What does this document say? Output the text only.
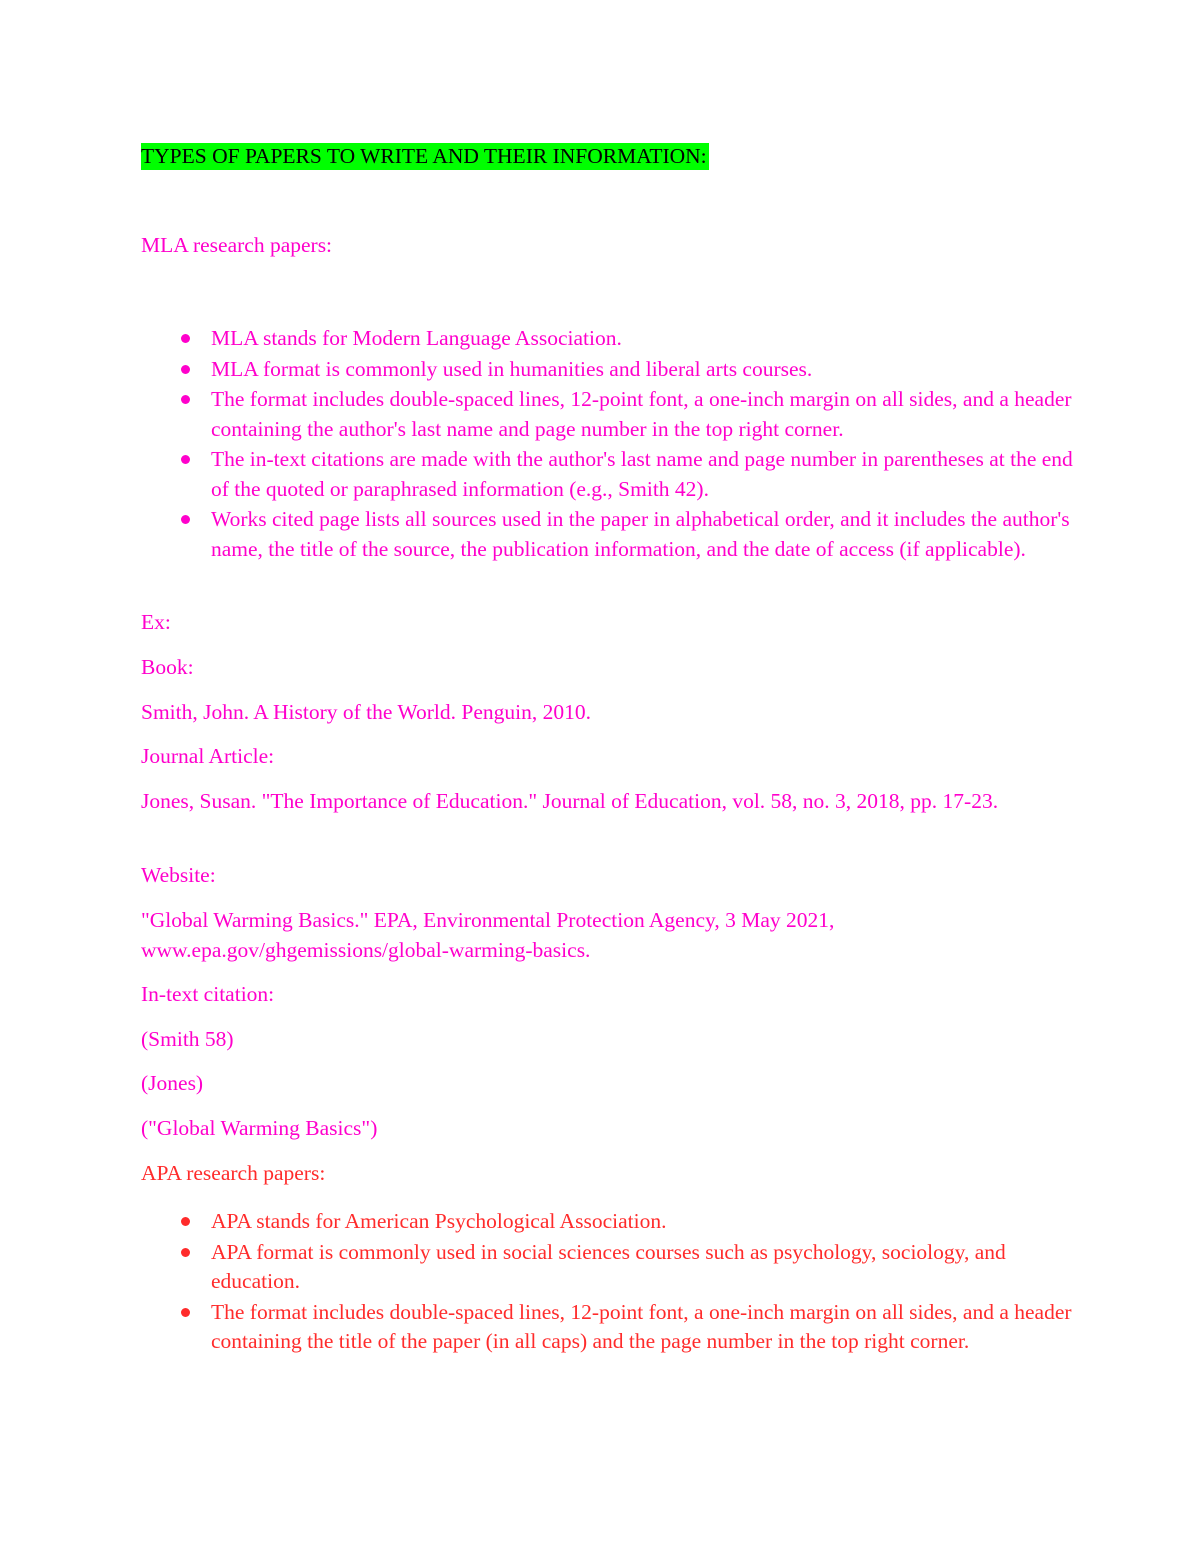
TYPES OF PAPERS TO WRITE AND THEIR INFORMATION:

MLA research papers:

MLA stands for Modern Language Association.
MLA format is commonly used in humanities and liberal arts courses.
The format includes double-spaced lines, 12-point font, a one-inch margin on all sides, and a header containing the author's last name and page number in the top right corner.
The in-text citations are made with the author's last name and page number in parentheses at the end of the quoted or paraphrased information (e.g., Smith 42).
Works cited page lists all sources used in the paper in alphabetical order, and it includes the author's name, the title of the source, the publication information, and the date of access (if applicable).

Ex:

Book:

Smith, John. A History of the World. Penguin, 2010.

Journal Article:

Jones, Susan. "The Importance of Education." Journal of Education, vol. 58, no. 3, 2018, pp. 17-23.

Website:

"Global Warming Basics." EPA, Environmental Protection Agency, 3 May 2021, www.epa.gov/ghgemissions/global-warming-basics.

In-text citation:

(Smith 58)

(Jones)

("Global Warming Basics")

APA research papers:

APA stands for American Psychological Association.
APA format is commonly used in social sciences courses such as psychology, sociology, and education.
The format includes double-spaced lines, 12-point font, a one-inch margin on all sides, and a header containing the title of the paper (in all caps) and the page number in the top right corner.
